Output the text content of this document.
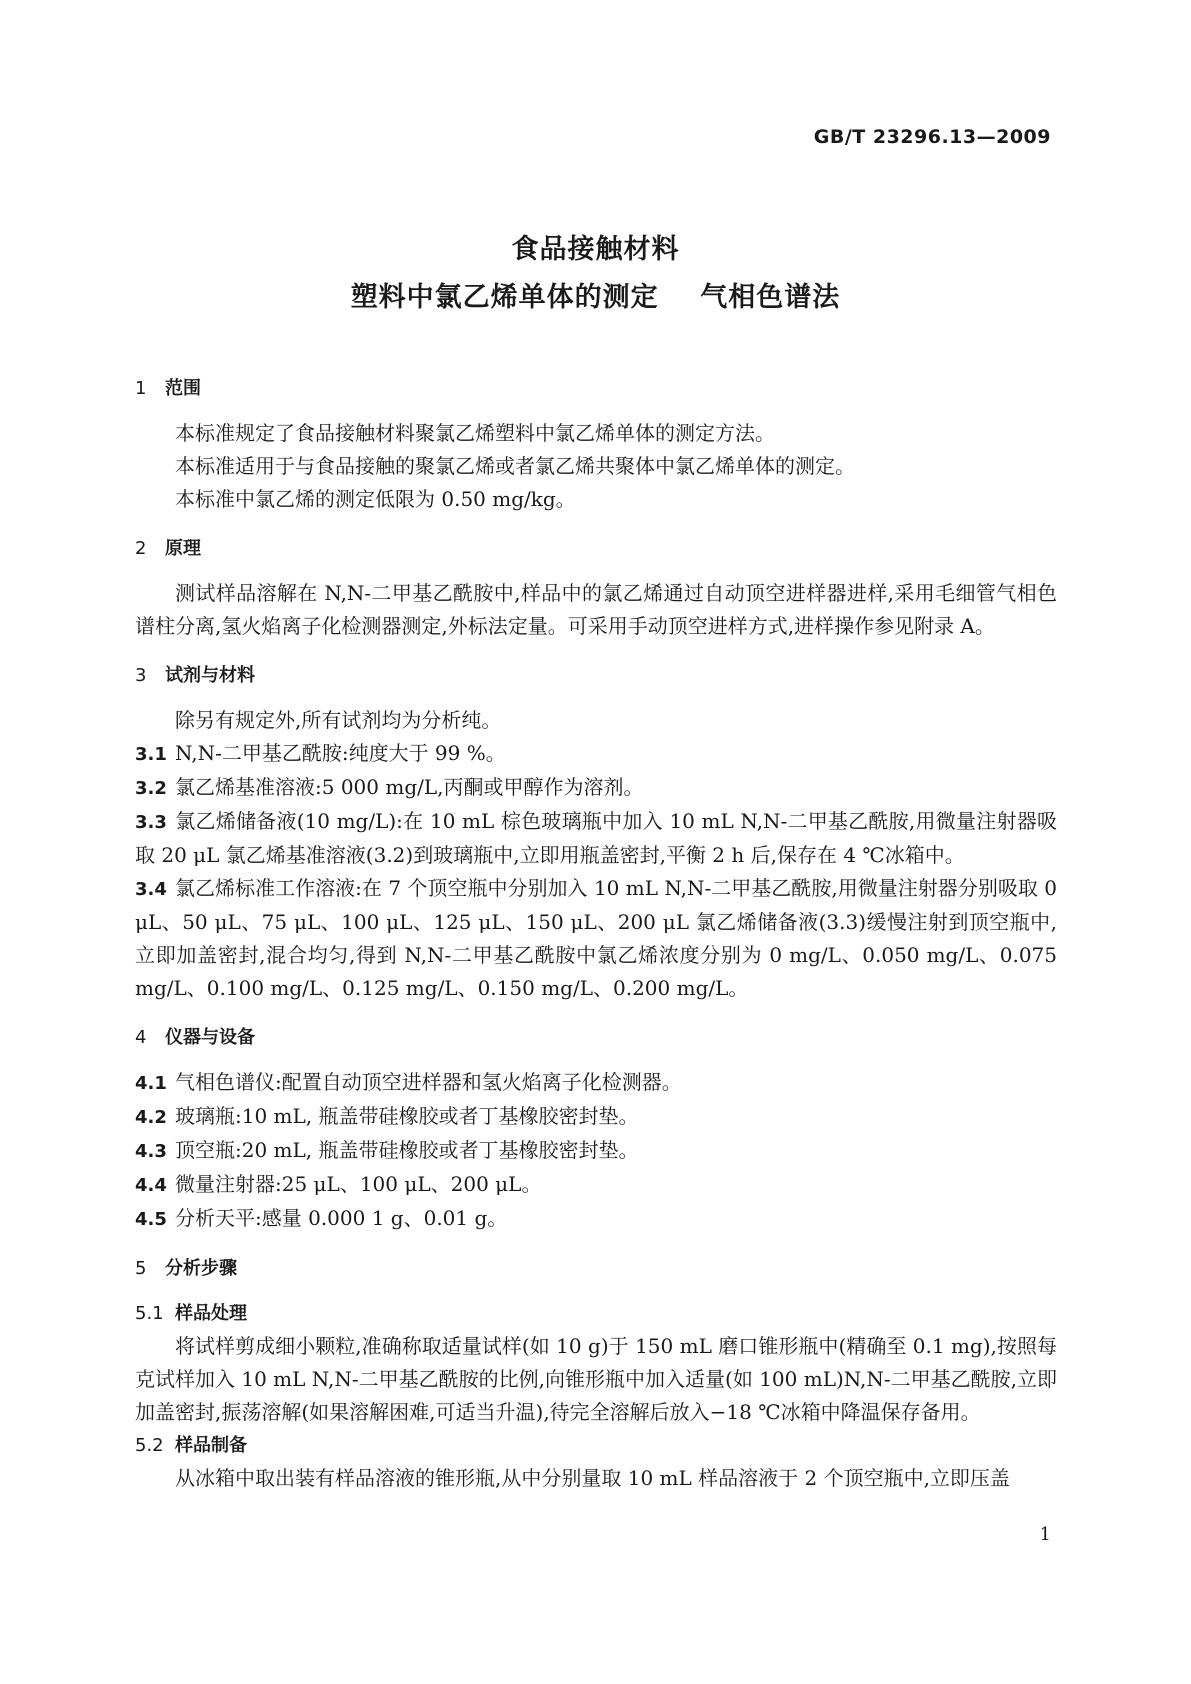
GB/T 23296.13—2009
食品接触材料
塑料中氯乙烯单体的测定    气相色谱法
1 范围
本标准规定了食品接触材料聚氯乙烯塑料中氯乙烯单体的测定方法。
本标准适用于与食品接触的聚氯乙烯或者氯乙烯共聚体中氯乙烯单体的测定。
本标准中氯乙烯的测定低限为 0.50 mg/kg。
2 原理
测试样品溶解在 N,N-二甲基乙酰胺中,样品中的氯乙烯通过自动顶空进样器进样,采用毛细管气相色谱柱分离,氢火焰离子化检测器测定,外标法定量。可采用手动顶空进样方式,进样操作参见附录 A。
3 试剂与材料
除另有规定外,所有试剂均为分析纯。
3.1 N,N-二甲基乙酰胺:纯度大于 99 %。
3.2 氯乙烯基准溶液:5 000 mg/L,丙酮或甲醇作为溶剂。
3.3 氯乙烯储备液(10 mg/L):在 10 mL 棕色玻璃瓶中加入 10 mL N,N-二甲基乙酰胺,用微量注射器吸取 20 μL 氯乙烯基准溶液(3.2)到玻璃瓶中,立即用瓶盖密封,平衡 2 h 后,保存在 4 ℃冰箱中。
3.4 氯乙烯标准工作溶液:在 7 个顶空瓶中分别加入 10 mL N,N-二甲基乙酰胺,用微量注射器分别吸取 0 μL、50 μL、75 μL、100 μL、125 μL、150 μL、200 μL 氯乙烯储备液(3.3)缓慢注射到顶空瓶中,立即加盖密封,混合均匀,得到 N,N-二甲基乙酰胺中氯乙烯浓度分别为 0 mg/L、0.050 mg/L、0.075 mg/L、0.100 mg/L、0.125 mg/L、0.150 mg/L、0.200 mg/L。
4 仪器与设备
4.1 气相色谱仪:配置自动顶空进样器和氢火焰离子化检测器。
4.2 玻璃瓶:10 mL, 瓶盖带硅橡胶或者丁基橡胶密封垫。
4.3 顶空瓶:20 mL, 瓶盖带硅橡胶或者丁基橡胶密封垫。
4.4 微量注射器:25 μL、100 μL、200 μL。
4.5 分析天平:感量 0.000 1 g、0.01 g。
5 分析步骤
5.1 样品处理
将试样剪成细小颗粒,准确称取适量试样(如 10 g)于 150 mL 磨口锥形瓶中(精确至 0.1 mg),按照每克试样加入 10 mL N,N-二甲基乙酰胺的比例,向锥形瓶中加入适量(如 100 mL)N,N-二甲基乙酰胺,立即加盖密封,振荡溶解(如果溶解困难,可适当升温),待完全溶解后放入−18 ℃冰箱中降温保存备用。
5.2 样品制备
从冰箱中取出装有样品溶液的锥形瓶,从中分别量取 10 mL 样品溶液于 2 个顶空瓶中,立即压盖
1
